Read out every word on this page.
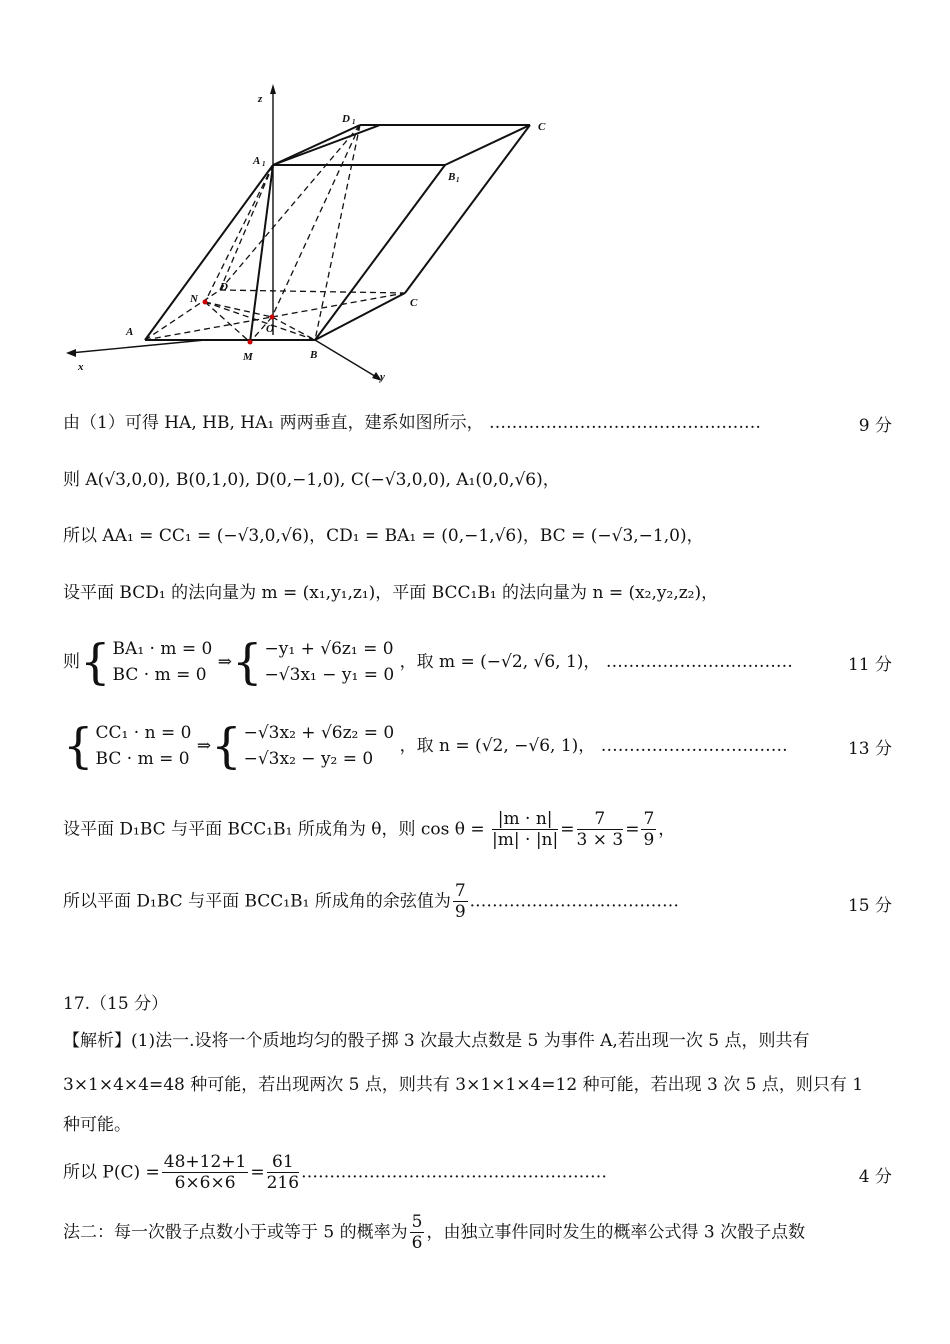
z
x
y
D 1	C
A 1
B 1
A
B
C
D
N
O
M
由（1）可得 HA, HB, HA₁ 两两垂直，建系如图所示， …………………………………………	9 分
则 A(√3,0,0), B(0,1,0), D(0,−1,0), C(−√3,0,0), A₁(0,0,√6)，
所以 AA₁ = CC₁ = (−√3,0,√6)，CD₁ = BA₁ = (0,−1,√6)，BC = (−√3,−1,0)，
设平面 BCD₁ 的法向量为 m = (x₁,y₁,z₁)，平面 BCC₁B₁ 的法向量为 n = (x₂,y₂,z₂)，
则{ BA₁ · m = 0
BC · m = 0 ⇒{ −y₁ + √6z₁ = 0
−√3x₁ − y₁ = 0 ，取 m = (−√2, √6, 1)， ……………………………	11 分
{ CC₁ · n = 0
BC · m = 0 ⇒{ −√3x₂ + √6z₂ = 0
−√3x₂ − y₂ = 0 ，取 n = (√2, −√6, 1)， ……………………………	13 分
设平面 D₁BC 与平面 BCC₁B₁ 所成角为 θ，则 $\cos \theta = \frac{|m \cdot n|}{|m| \cdot |n|} = \frac{7}{3 \times 3} = \frac{7}{9}$ ，
所以平面 D₁BC 与平面 BCC₁B₁ 所成角的余弦值为 $\frac{7}{9}$ .………………………………	15 分
17.（15 分）
【解析】(1)法一.设将一个质地均匀的骰子掷 3 次最大点数是 5 为事件 A,若出现一次 5 点，则共有
3×1×4×4=48 种可能，若出现两次 5 点，则共有 3×1×1×4=12 种可能，若出现 3 次 5 点，则只有 1
种可能。
所以 $P(C) = \frac{48+12+1}{6\times 6\times 6} = \frac{61}{216}$ ………………………………………………	4 分
法二：每一次骰子点数小于或等于 5 的概率为 $\frac{5}{6}$ ，由独立事件同时发生的概率公式得 3 次骰子点数
